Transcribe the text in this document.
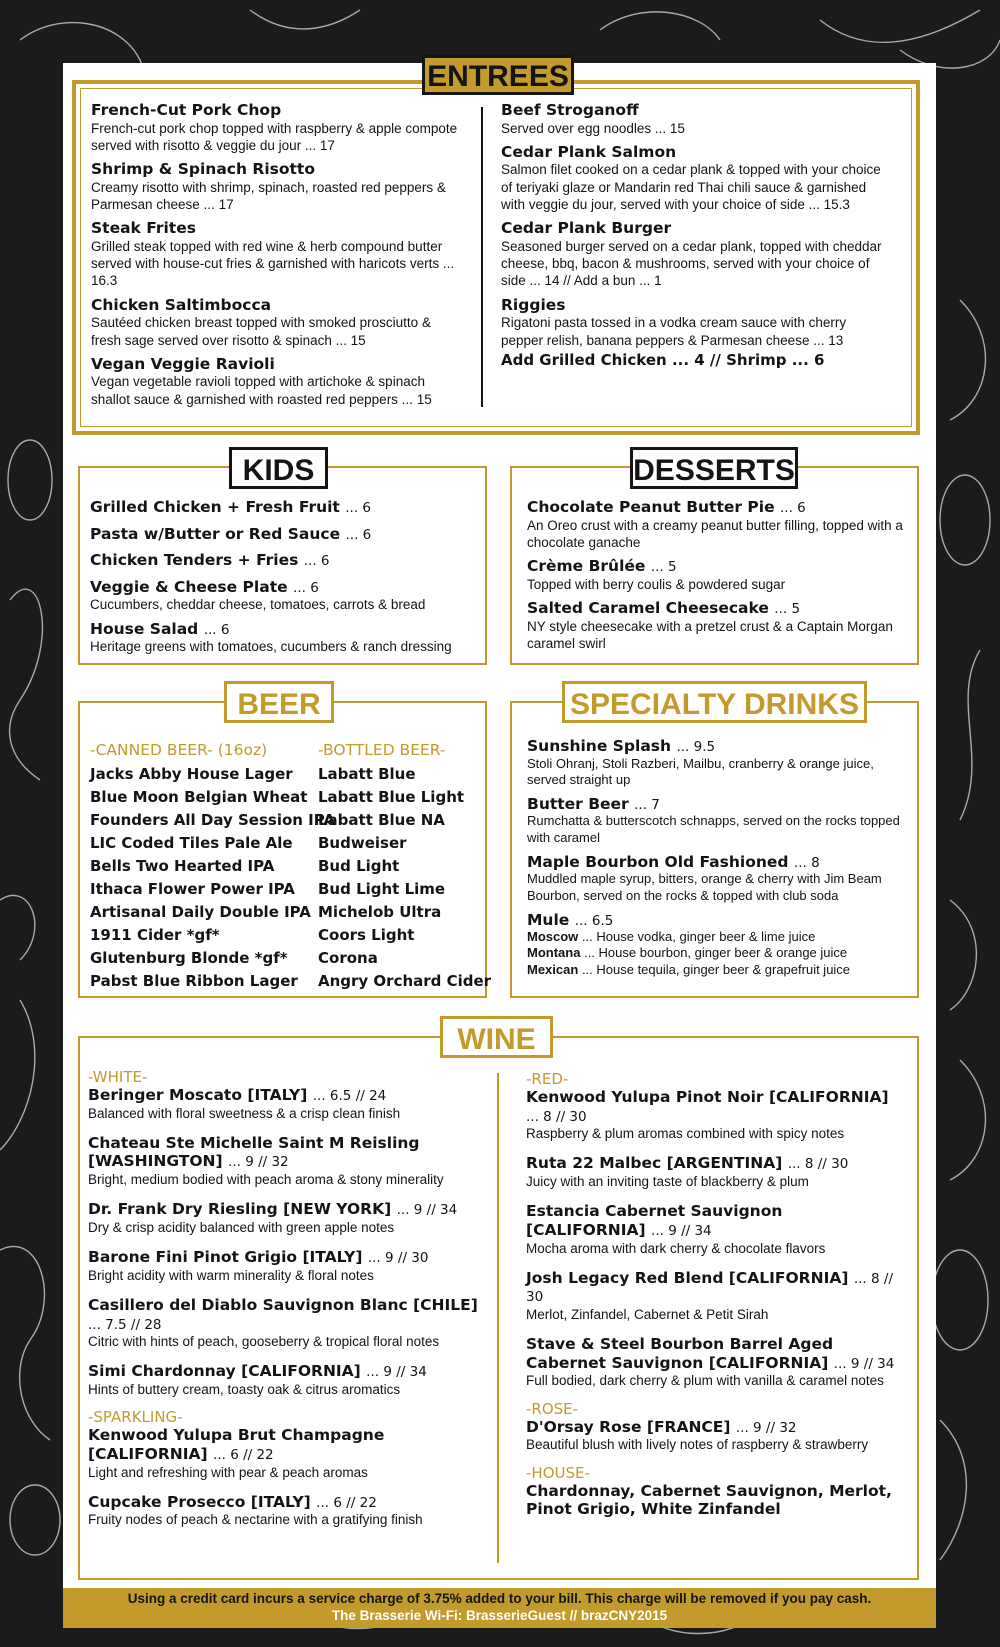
French-Cut Pork Chop
French-cut pork chop topped with raspberry & apple compote served with risotto & veggie du jour ... 17
Shrimp & Spinach Risotto
Creamy risotto with shrimp, spinach, roasted red peppers & Parmesan cheese ... 17
Steak Frites
Grilled steak topped with red wine & herb compound butter served with house-cut fries & garnished with haricots verts ... 16.3
Chicken Saltimbocca
Sautéed chicken breast topped with smoked prosciutto & fresh sage served over risotto & spinach ... 15
Vegan Veggie Ravioli
Vegan vegetable ravioli topped with artichoke & spinach shallot sauce & garnished with roasted red peppers ... 15
Beef Stroganoff
Served over egg noodles ... 15
Cedar Plank Salmon
Salmon filet cooked on a cedar plank & topped with your choice of teriyaki glaze or Mandarin red Thai chili sauce & garnished with veggie du jour, served with your choice of side ... 15.3
Cedar Plank Burger
Seasoned burger served on a cedar plank, topped with cheddar cheese, bbq, bacon & mushrooms, served with your choice of side ... 14 // Add a bun ... 1
Riggies
Rigatoni pasta tossed in a vodka cream sauce with cherry pepper relish, banana peppers & Parmesan cheese ... 13
Add Grilled Chicken ... 4 // Shrimp ... 6
ENTREES
Grilled Chicken + Fresh Fruit ... 6
Pasta w/Butter or Red Sauce ... 6
Chicken Tenders + Fries ... 6
Veggie & Cheese Plate ... 6
Cucumbers, cheddar cheese, tomatoes, carrots & bread
House Salad ... 6
Heritage greens with tomatoes, cucumbers & ranch dressing
KIDS
Chocolate Peanut Butter Pie ... 6
An Oreo crust with a creamy peanut butter filling, topped with a chocolate ganache
Crème Brûlée ... 5
Topped with berry coulis & powdered sugar
Salted Caramel Cheesecake ... 5
NY style cheesecake with a pretzel crust & a Captain Morgan caramel swirl
DESSERTS
-CANNED BEER- (16oz)
Jacks Abby House Lager
Blue Moon Belgian Wheat
Founders All Day Session IPA
LIC Coded Tiles Pale Ale
Bells Two Hearted IPA
Ithaca Flower Power IPA
Artisanal Daily Double IPA
1911 Cider *gf*
Glutenburg Blonde *gf*
Pabst Blue Ribbon Lager
-BOTTLED BEER-
Labatt Blue
Labatt Blue Light
Labatt Blue NA
Budweiser
Bud Light
Bud Light Lime
Michelob Ultra
Coors Light
Corona
Angry Orchard Cider
BEER
Sunshine Splash ... 9.5
Stoli Ohranj, Stoli Razberi, Mailbu, cranberry & orange juice, served straight up
Butter Beer ... 7
Rumchatta & butterscotch schnapps, served on the rocks topped with caramel
Maple Bourbon Old Fashioned ... 8
Muddled maple syrup, bitters, orange & cherry with Jim Beam Bourbon, served on the rocks & topped with club soda
Mule ... 6.5
Moscow ... House vodka, ginger beer & lime juice
Montana ... House bourbon, ginger beer & orange juice
Mexican ... House tequila, ginger beer & grapefruit juice
SPECIALTY DRINKS
-WHITE-
Beringer Moscato [ITALY] ... 6.5 // 24
Balanced with floral sweetness & a crisp clean finish
Chateau Ste Michelle Saint M Reisling [WASHINGTON] ... 9 // 32
Bright, medium bodied with peach aroma & stony minerality
Dr. Frank Dry Riesling [NEW YORK] ... 9 // 34
Dry & crisp acidity balanced with green apple notes
Barone Fini Pinot Grigio [ITALY] ... 9 // 30
Bright acidity with warm minerality & floral notes
Casillero del Diablo Sauvignon Blanc [CHILE] ... 7.5 // 28
Citric with hints of peach, gooseberry & tropical floral notes
Simi Chardonnay [CALIFORNIA] ... 9 // 34
Hints of buttery cream, toasty oak & citrus aromatics
-SPARKLING-
Kenwood Yulupa Brut Champagne [CALIFORNIA] ... 6 // 22
Light and refreshing with pear & peach aromas
Cupcake Prosecco [ITALY] ... 6 // 22
Fruity nodes of peach & nectarine with a gratifying finish
-RED-
Kenwood Yulupa Pinot Noir [CALIFORNIA] ... 8 // 30
Raspberry & plum aromas combined with spicy notes
Ruta 22 Malbec [ARGENTINA] ... 8 // 30
Juicy with an inviting taste of blackberry & plum
Estancia Cabernet Sauvignon [CALIFORNIA] ... 9 // 34
Mocha aroma with dark cherry & chocolate flavors
Josh Legacy Red Blend [CALIFORNIA] ... 8 // 30
Merlot, Zinfandel, Cabernet & Petit Sirah
Stave & Steel Bourbon Barrel Aged Cabernet Sauvignon [CALIFORNIA] ... 9 // 34
Full bodied, dark cherry & plum with vanilla & caramel notes
-ROSE-
D'Orsay Rose [FRANCE] ... 9 // 32
Beautiful blush with lively notes of raspberry & strawberry
-HOUSE-
Chardonnay, Cabernet Sauvignon, Merlot, Pinot Grigio, White Zinfandel
WINE
Using a credit card incurs a service charge of 3.75% added to your bill. This charge will be removed if you pay cash.
The Brasserie Wi-Fi: BrasserieGuest // brazCNY2015
